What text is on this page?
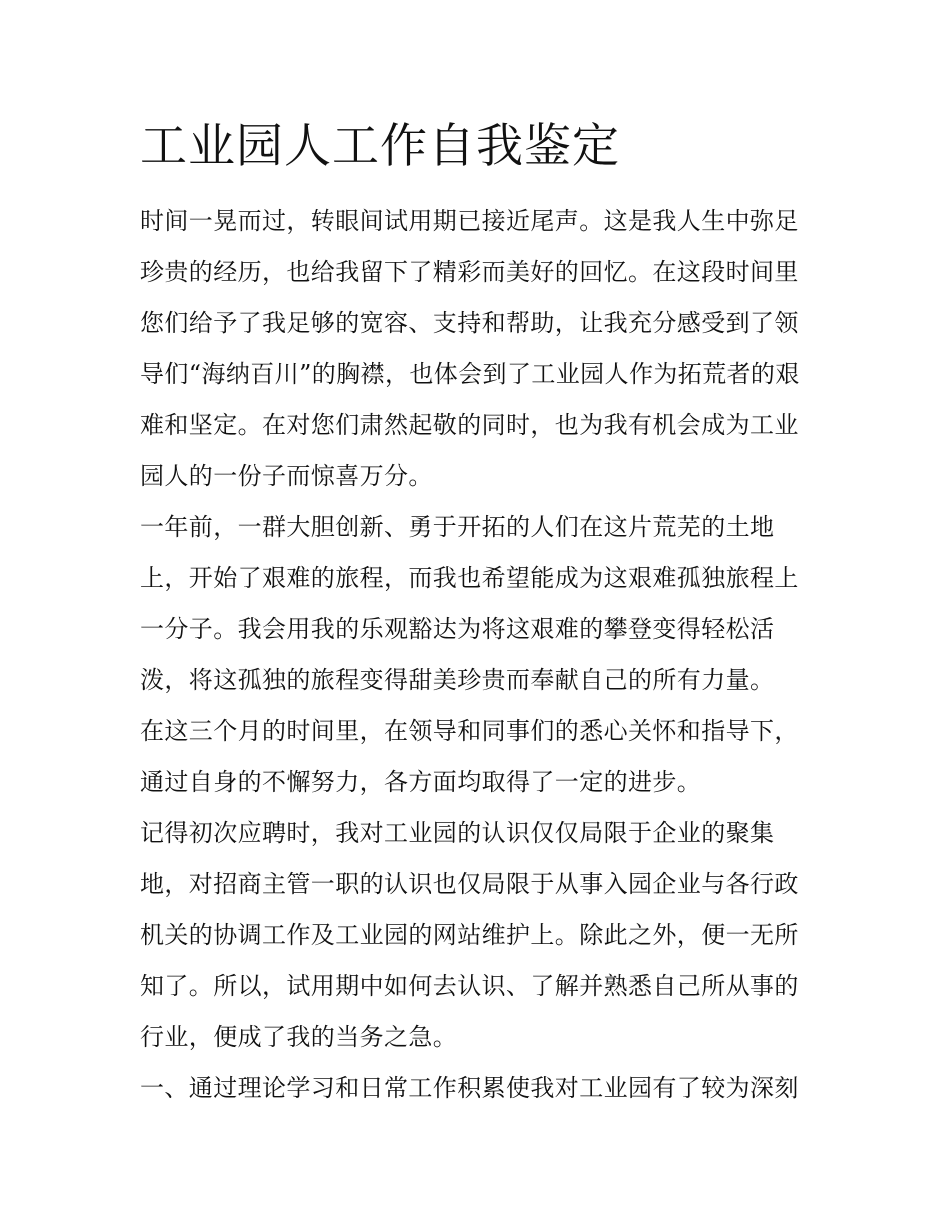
工业园人工作自我鉴定

时间一晃而过，转眼间试用期已接近尾声。这是我人生中弥足
珍贵的经历，也给我留下了精彩而美好的回忆。在这段时间里
您们给予了我足够的宽容、支持和帮助，让我充分感受到了领
导们“海纳百川”的胸襟，也体会到了工业园人作为拓荒者的艰
难和坚定。在对您们肃然起敬的同时，也为我有机会成为工业
园人的一份子而惊喜万分。

一年前，一群大胆创新、勇于开拓的人们在这片荒芜的土地
上，开始了艰难的旅程，而我也希望能成为这艰难孤独旅程上
一分子。我会用我的乐观豁达为将这艰难的攀登变得轻松活
泼，将这孤独的旅程变得甜美珍贵而奉献自己的所有力量。

在这三个月的时间里，在领导和同事们的悉心关怀和指导下，
通过自身的不懈努力，各方面均取得了一定的进步。

记得初次应聘时，我对工业园的认识仅仅局限于企业的聚集
地，对招商主管一职的认识也仅局限于从事入园企业与各行政
机关的协调工作及工业园的网站维护上。除此之外，便一无所
知了。所以，试用期中如何去认识、了解并熟悉自己所从事的
行业，便成了我的当务之急。

一、通过理论学习和日常工作积累使我对工业园有了较为深刻
